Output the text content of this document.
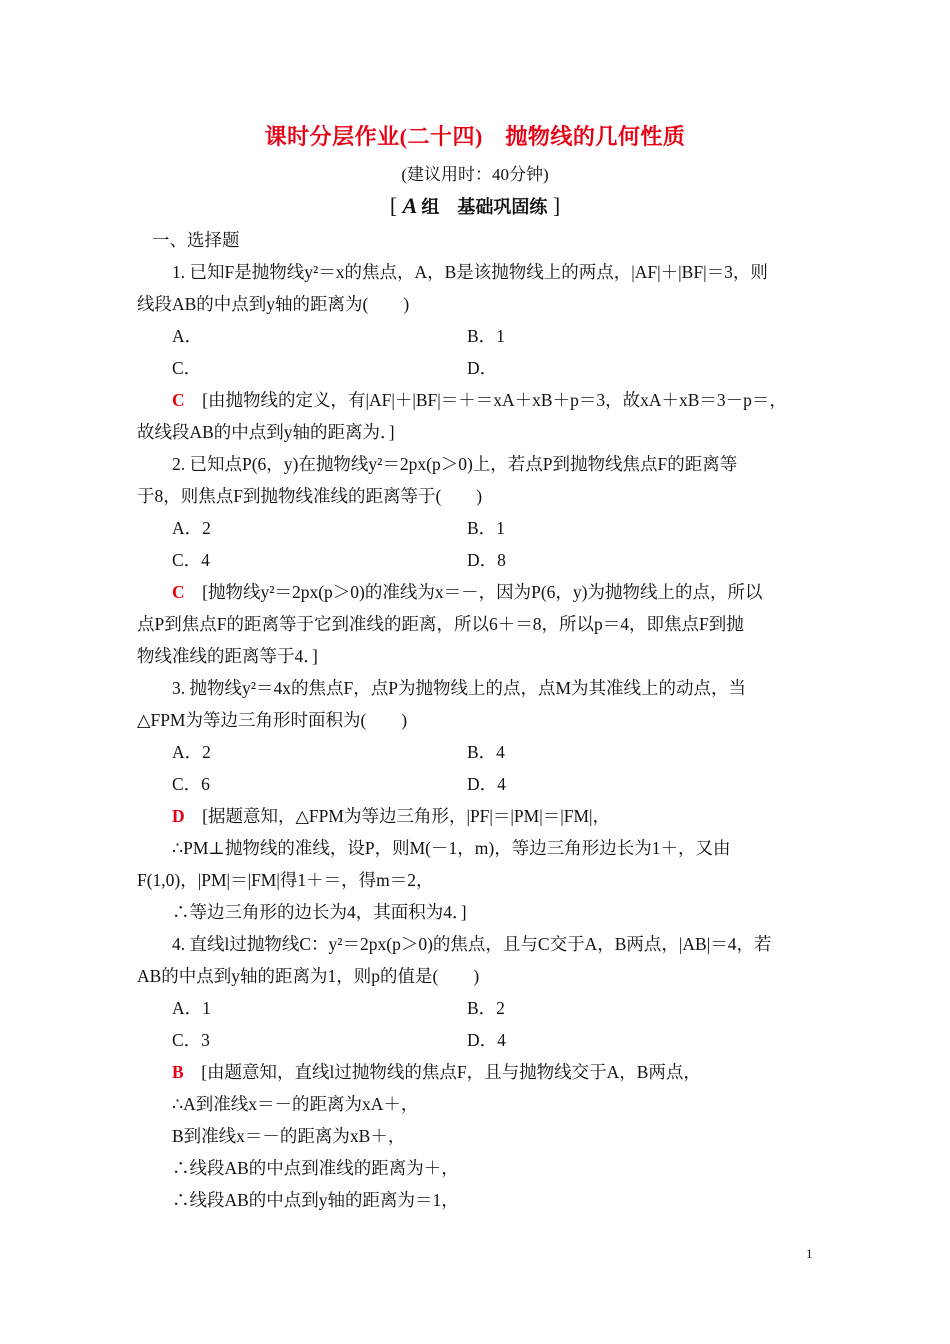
课时分层作业(二十四)　抛物线的几何性质
(建议用时：40分钟)
[ A 组　基础巩固练 ]
一、选择题
1. 已知F是抛物线y²＝x的焦点，A，B是该抛物线上的两点，|AF|＋|BF|＝3，则
线段AB的中点到y轴的距离为(　　)
A．	B．1
C．	D．
C　[由抛物线的定义，有|AF|＋|BF|＝＋＝xA＋xB＋p＝3，故xA＋xB＝3－p＝，
故线段AB的中点到y轴的距离为．]
2. 已知点P(6，y)在抛物线y²＝2px(p＞0)上，若点P到抛物线焦点F的距离等
于8，则焦点F到抛物线准线的距离等于(　　)
A．2	B．1
C．4	D．8
C　[抛物线y²＝2px(p＞0)的准线为x＝－，因为P(6，y)为抛物线上的点，所以
点P到焦点F的距离等于它到准线的距离，所以6＋＝8，所以p＝4，即焦点F到抛
物线准线的距离等于4．]
3. 抛物线y²＝4x的焦点F，点P为抛物线上的点，点M为其准线上的动点，当
△FPM为等边三角形时面积为(　　)
A．2	B．4
C．6	D．4
D　[据题意知，△FPM为等边三角形，|PF|＝|PM|＝|FM|，
∴PM⊥抛物线的准线，设P，则M(－1，m)，等边三角形边长为1＋，又由
F(1,0)，|PM|＝|FM|得1＋＝，得m＝2，
∴等边三角形的边长为4，其面积为4．]
4. 直线l过抛物线C：y²＝2px(p＞0)的焦点，且与C交于A，B两点，|AB|＝4，若
AB的中点到y轴的距离为1，则p的值是(　　)
A．1	B．2
C．3	D．4
B　[由题意知，直线l过抛物线的焦点F，且与抛物线交于A，B两点，
∴A到准线x＝－的距离为xA＋，
B到准线x＝－的距离为xB＋，
∴线段AB的中点到准线的距离为＋，
∴线段AB的中点到y轴的距离为＝1，
1
